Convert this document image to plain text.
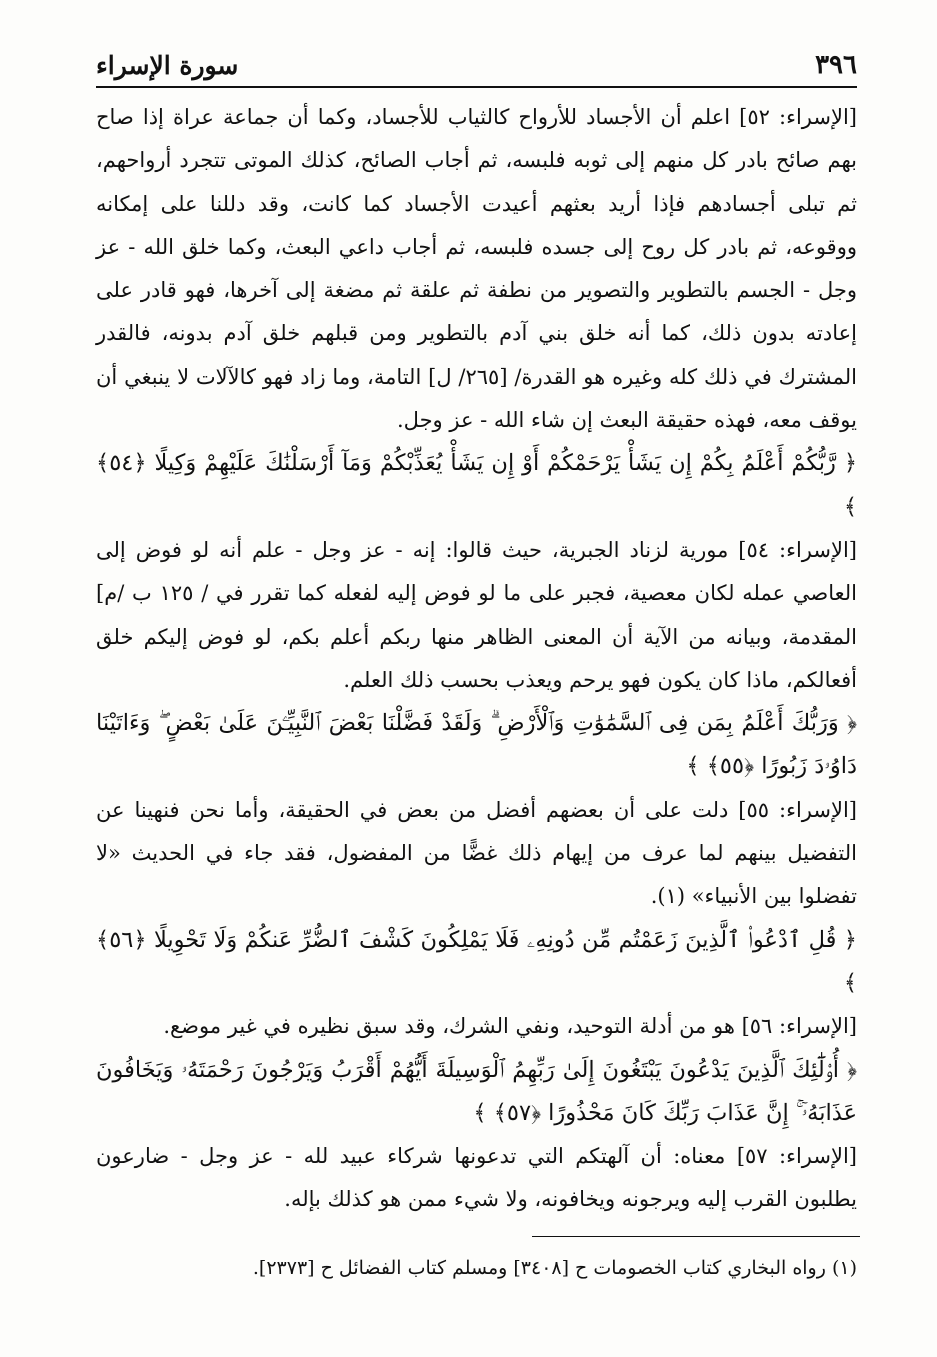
٣٩٦
سورة الإسراء

[الإسراء: ٥٢] اعلم أن الأجساد للأرواح كالثياب للأجساد، وكما أن جماعة عراة إذا صاح بهم صائح بادر كل منهم إلى ثوبه فلبسه، ثم أجاب الصائح، كذلك الموتى تتجرد أرواحهم، ثم تبلى أجسادهم فإذا أريد بعثهم أعيدت الأجساد كما كانت، وقد دللنا على إمكانه ووقوعه، ثم بادر كل روح إلى جسده فلبسه، ثم أجاب داعي البعث، وكما خلق الله - عز وجل - الجسم بالتطوير والتصوير من نطفة ثم علقة ثم مضغة إلى آخرها، فهو قادر على إعادته بدون ذلك، كما أنه خلق بني آدم بالتطوير ومن قبلهم خلق آدم بدونه، فالقدر المشترك في ذلك كله وغيره هو القدرة/ [٢٦٥/ ل] التامة، وما زاد فهو كالآلات لا ينبغي أن يوقف معه، فهذه حقيقة البعث إن شاء الله - عز وجل.

﴿ رَّبُّكُمْ أَعْلَمُ بِكُمْ إِن يَشَأْ يَرْحَمْكُمْ أَوْ إِن يَشَأْ يُعَذِّبْكُمْ وَمَآ أَرْسَلْنَٰكَ عَلَيْهِمْ وَكِيلًا ﴿٥٤﴾ ﴾

[الإسراء: ٥٤] مورية لزناد الجبرية، حيث قالوا: إنه - عز وجل - علم أنه لو فوض إلى العاصي عمله لكان معصية، فجبر على ما لو فوض إليه لفعله كما تقرر في / ١٢٥ ب /م] المقدمة، وبيانه من الآية أن المعنى الظاهر منها ربكم أعلم بكم، لو فوض إليكم خلق أفعالكم، ماذا كان يكون فهو يرحم ويعذب بحسب ذلك العلم.

﴿ وَرَبُّكَ أَعْلَمُ بِمَن فِى ٱلسَّمَٰوَٰتِ وَٱلْأَرْضِ ۗ وَلَقَدْ فَضَّلْنَا بَعْضَ ٱلنَّبِيِّـۧنَ عَلَىٰ بَعْضٍ ۖ وَءَاتَيْنَا دَاوُۥدَ زَبُورًا ﴿٥٥﴾ ﴾

[الإسراء: ٥٥] دلت على أن بعضهم أفضل من بعض في الحقيقة، وأما نحن فنهينا عن التفضيل بينهم لما عرف من إيهام ذلك غضًّا من المفضول، فقد جاء في الحديث «لا تفضلوا بين الأنبياء» (١).

﴿ قُلِ ٱدْعُوا۟ ٱلَّذِينَ زَعَمْتُم مِّن دُونِهِۦ فَلَا يَمْلِكُونَ كَشْفَ ٱلضُّرِّ عَنكُمْ وَلَا تَحْوِيلًا ﴿٥٦﴾ ﴾

[الإسراء: ٥٦] هو من أدلة التوحيد، ونفي الشرك، وقد سبق نظيره في غير موضع.

﴿ أُو۟لَٰٓئِكَ ٱلَّذِينَ يَدْعُونَ يَبْتَغُونَ إِلَىٰ رَبِّهِمُ ٱلْوَسِيلَةَ أَيُّهُمْ أَقْرَبُ وَيَرْجُونَ رَحْمَتَهُۥ وَيَخَافُونَ عَذَابَهُۥٓ ۚ إِنَّ عَذَابَ رَبِّكَ كَانَ مَحْذُورًا ﴿٥٧﴾ ﴾

[الإسراء: ٥٧] معناه: أن آلهتكم التي تدعونها شركاء عبيد لله - عز وجل - ضارعون يطلبون القرب إليه ويرجونه ويخافونه، ولا شيء ممن هو كذلك بإله.

(١) رواه البخاري كتاب الخصومات ح [٣٤٠٨] ومسلم كتاب الفضائل ح [٢٣٧٣].
